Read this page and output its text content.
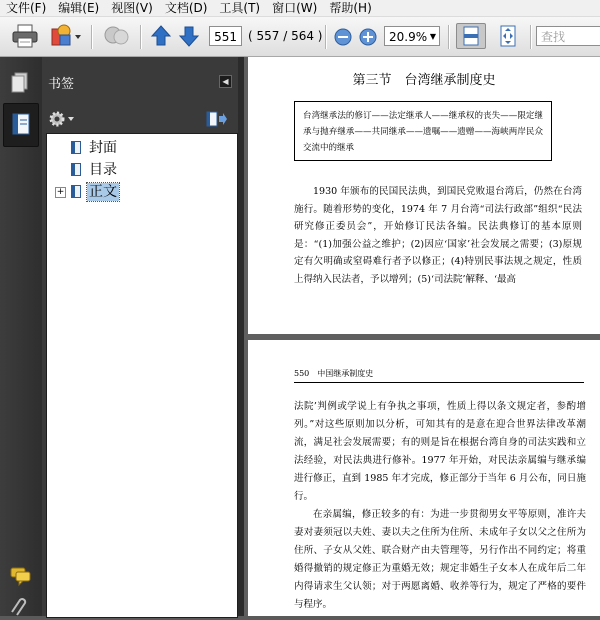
文件(F)	编辑(E)	视图(V)	文档(D)	工具(T)	窗口(W)	帮助(H)
551 ( 557 / 564 )	20.9% ▼	查找
书签	◀
封面
目录
+ 正文
第三节　台湾继承制度史
台湾继承法的修订——法定继承人——继承权的丧失——限定继承与抛弃继承——共同继承——遗嘱——遗赠——海峡两岸民众交流中的继承

1930 年颁布的民国民法典，到国民党败退台湾后，仍然在台湾施行。随着形势的变化，1974 年 7 月台湾“司法行政部”组织“民法研究修正委员会”，开始修订民法各编。民法典修订的基本原则是：“(1)加强公益之维护；(2)因应‘国家’社会发展之需要；(3)原规定有欠明确或窒碍难行者予以修正；(4)特别民事法规之规定，性质上得纳入民法者，予以增列；(5)‘司法院’解释、‘最高

550　中国继承制度史

法院’判例或学说上有争执之事项，性质上得以条文规定者，参酌增列。”对这些原则加以分析，可知其有的是意在迎合世界法律改革潮流，满足社会发展需要；有的则是旨在根据台湾自身的司法实践和立法经验，对民法典进行修补。1977 年开始，对民法亲属编与继承编进行修正，直到 1985 年才完成，修正部分于当年 6 月公布，同日施行。

在亲属编，修正较多的有：为进一步贯彻男女平等原则，准许夫妻对妻须冠以夫姓、妻以夫之住所为住所、未成年子女以父之住所为住所、子女从父姓、联合财产由夫管理等，另行作出不同约定；将重婚得撤销的规定修正为重婚无效；规定非婚生子女本人在成年后二年内得请求生父认领；对于两愿离婚、收养等行为，规定了严格的要件与程序。
